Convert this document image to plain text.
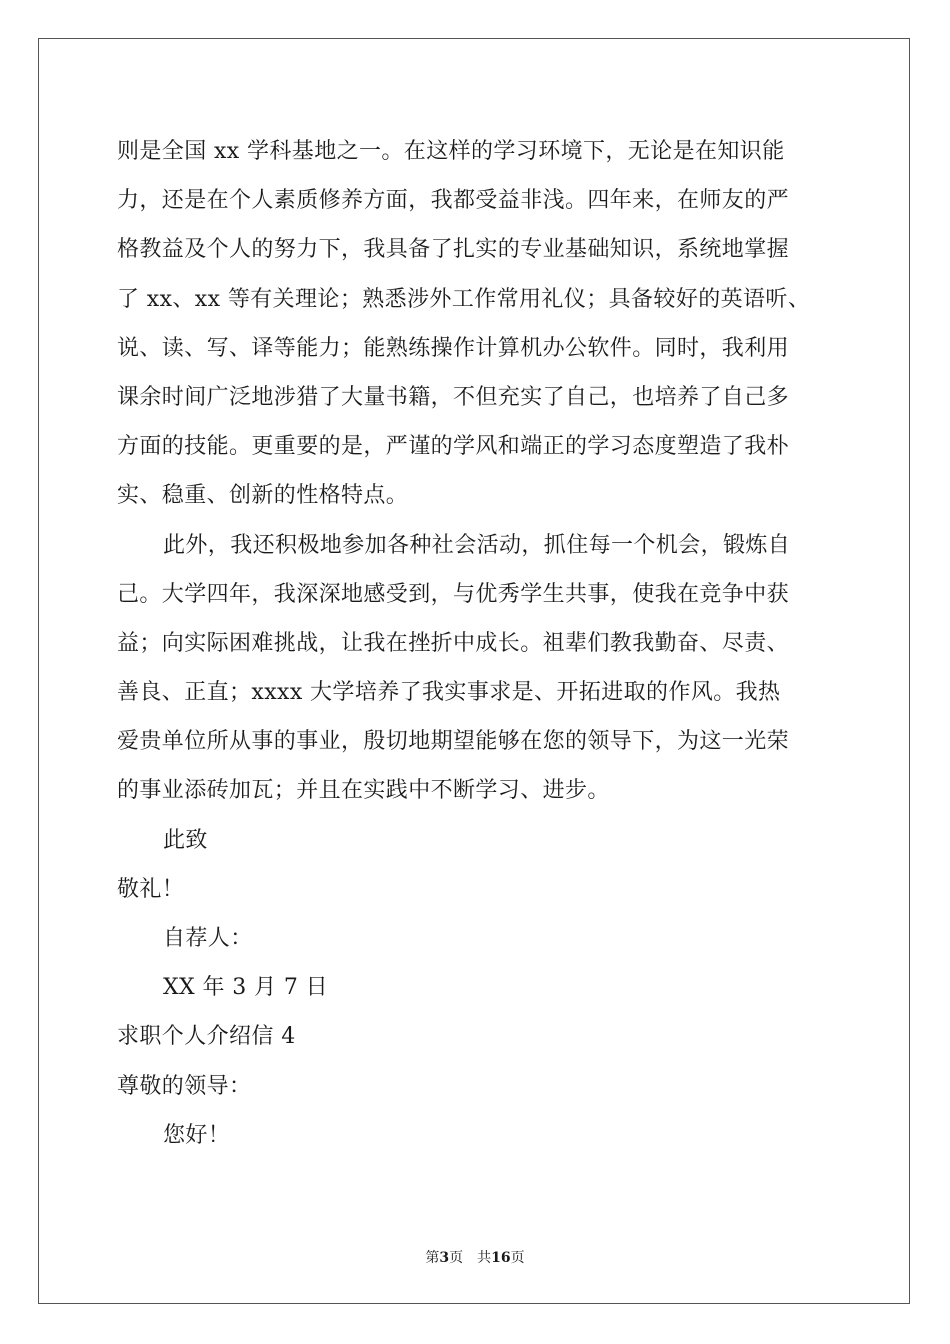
则是全国 xx 学科基地之一。在这样的学习环境下，无论是在知识能
力，还是在个人素质修养方面，我都受益非浅。四年来，在师友的严
格教益及个人的努力下，我具备了扎实的专业基础知识，系统地掌握
了 xx、xx 等有关理论；熟悉涉外工作常用礼仪；具备较好的英语听、
说、读、写、译等能力；能熟练操作计算机办公软件。同时，我利用
课余时间广泛地涉猎了大量书籍，不但充实了自己，也培养了自己多
方面的技能。更重要的是，严谨的学风和端正的学习态度塑造了我朴
实、稳重、创新的性格特点。
此外，我还积极地参加各种社会活动，抓住每一个机会，锻炼自
己。大学四年，我深深地感受到，与优秀学生共事，使我在竞争中获
益；向实际困难挑战，让我在挫折中成长。祖辈们教我勤奋、尽责、
善良、正直；xxxx 大学培养了我实事求是、开拓进取的作风。我热
爱贵单位所从事的事业，殷切地期望能够在您的领导下，为这一光荣
的事业添砖加瓦；并且在实践中不断学习、进步。
此致
敬礼！
自荐人：
XX 年 3 月 7 日
求职个人介绍信 4
尊敬的领导：
您好！
第3页 共16页
